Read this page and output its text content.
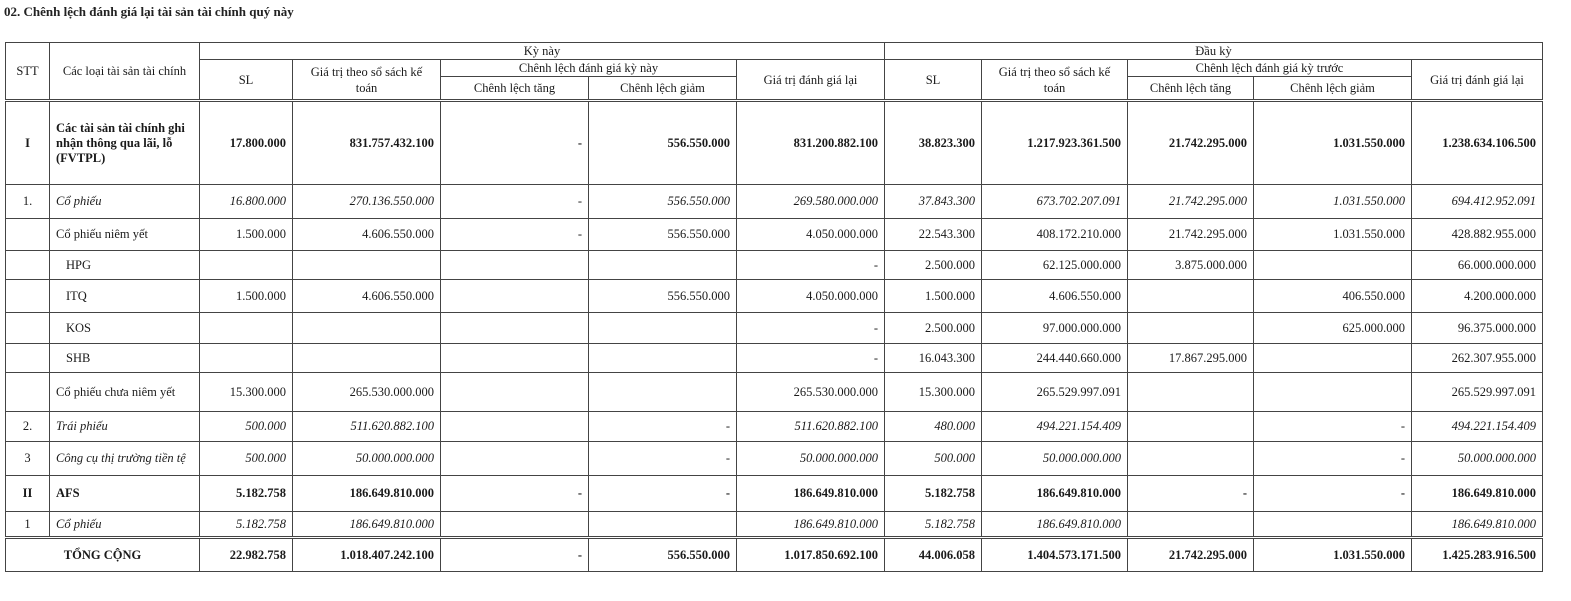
02. Chênh lệch đánh giá lại tài sản tài chính quý này
STT	Các loại tài sản tài chính	Kỳ này					Đầu kỳ				
		SL	Giá trị theo sổ sách kế toán	Chênh lệch đánh giá kỳ này		Giá trị đánh giá lại	SL	Giá trị theo sổ sách kế toán	Chênh lệch đánh giá kỳ trước		Giá trị đánh giá lại
				Chênh lệch tăng	Chênh lệch giảm				Chênh lệch tăng	Chênh lệch giảm	
I	Các tài sản tài chính ghi nhận thông qua lãi, lỗ (FVTPL)	17.800.000	831.757.432.100	-	556.550.000	831.200.882.100	38.823.300	1.217.923.361.500	21.742.295.000	1.031.550.000	1.238.634.106.500
1.	Cổ phiếu	16.800.000	270.136.550.000	-	556.550.000	269.580.000.000	37.843.300	673.702.207.091	21.742.295.000	1.031.550.000	694.412.952.091
	Cổ phiếu niêm yết	1.500.000	4.606.550.000	-	556.550.000	4.050.000.000	22.543.300	408.172.210.000	21.742.295.000	1.031.550.000	428.882.955.000
	HPG					-	2.500.000	62.125.000.000	3.875.000.000		66.000.000.000
	ITQ	1.500.000	4.606.550.000		556.550.000	4.050.000.000	1.500.000	4.606.550.000		406.550.000	4.200.000.000
	KOS					-	2.500.000	97.000.000.000		625.000.000	96.375.000.000
	SHB					-	16.043.300	244.440.660.000	17.867.295.000		262.307.955.000
	Cổ phiếu chưa niêm yết	15.300.000	265.530.000.000			265.530.000.000	15.300.000	265.529.997.091			265.529.997.091
2.	Trái phiếu	500.000	511.620.882.100		-	511.620.882.100	480.000	494.221.154.409		-	494.221.154.409
3	Công cụ thị trường tiền tệ	500.000	50.000.000.000		-	50.000.000.000	500.000	50.000.000.000		-	50.000.000.000
II	AFS	5.182.758	186.649.810.000	-	-	186.649.810.000	5.182.758	186.649.810.000	-	-	186.649.810.000
1	Cổ phiếu	5.182.758	186.649.810.000			186.649.810.000	5.182.758	186.649.810.000			186.649.810.000
TỔNG CỘNG		22.982.758	1.018.407.242.100	-	556.550.000	1.017.850.692.100	44.006.058	1.404.573.171.500	21.742.295.000	1.031.550.000	1.425.283.916.500
